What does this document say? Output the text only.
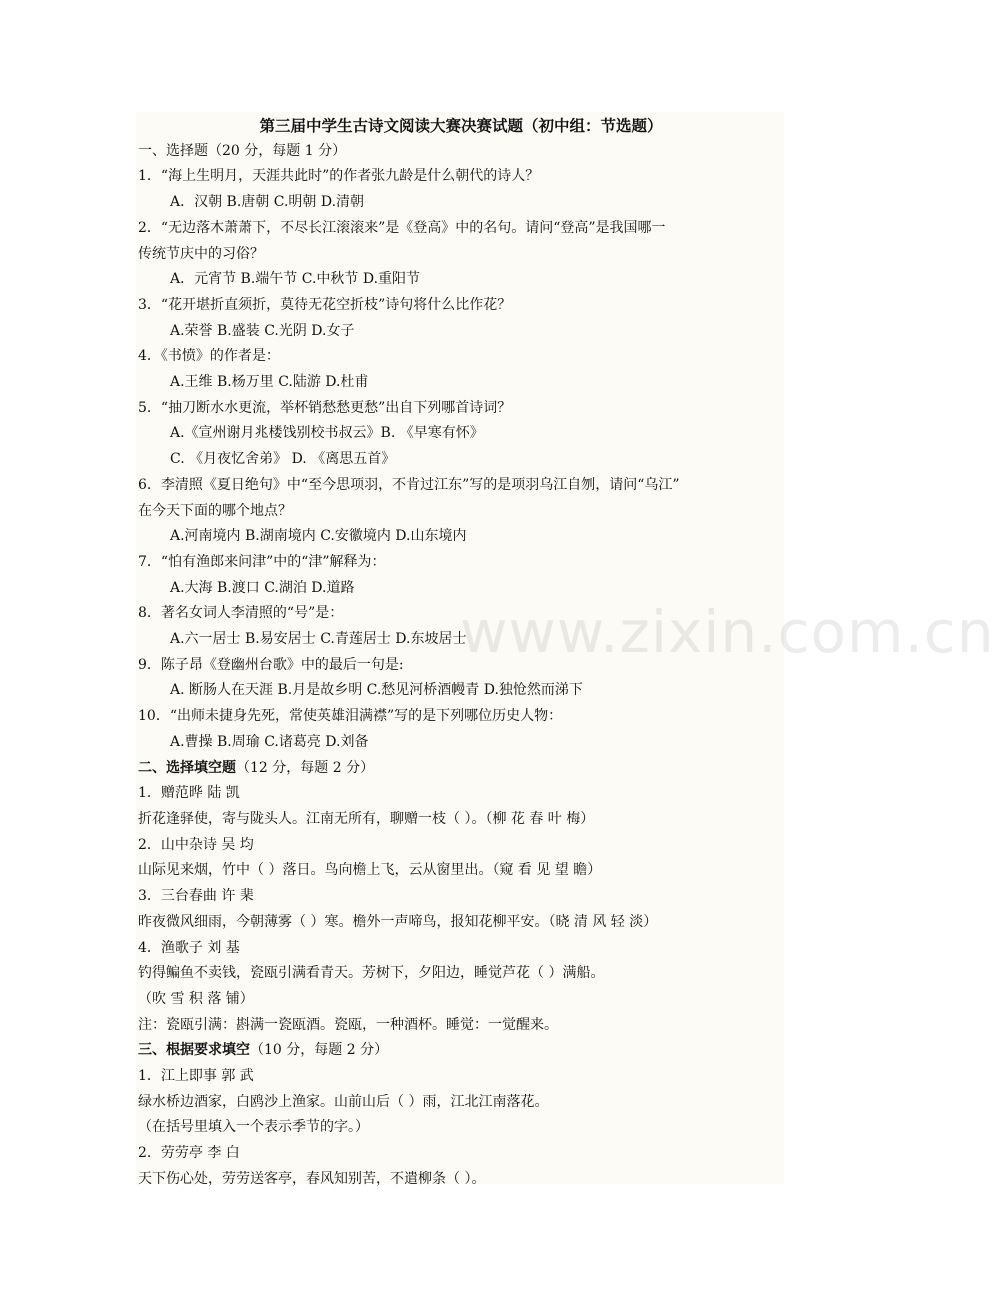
第三届中学生古诗文阅读大赛决赛试题（初中组：节选题）
一、选择题（20 分，每题 1 分）
1．“海上生明月，天涯共此时”的作者张九龄是什么朝代的诗人？
A．汉朝 B.唐朝 C.明朝 D.清朝
2．“无边落木萧萧下，不尽长江滚滚来”是《登高》中的名句。请问“登高”是我国哪一
传统节庆中的习俗？
A．元宵节 B.端午节 C.中秋节 D.重阳节
3．“花开堪折直须折，莫待无花空折枝”诗句将什么比作花？
A.荣誉 B.盛装 C.光阴 D.女子
4．《书愤》的作者是：
A.王维 B.杨万里 C.陆游 D.杜甫
5．“抽刀断水水更流，举杯销愁愁更愁”出自下列哪首诗词？
A.《宣州谢月兆楼饯别校书叔云》B. 《早寒有怀》
C. 《月夜忆舍弟》 D. 《离思五首》
6．李清照《夏日绝句》中“至今思项羽，不肯过江东”写的是项羽乌江自刎，请问“乌江”
在今天下面的哪个地点？
A.河南境内 B.湖南境内 C.安徽境内 D.山东境内
7．“怕有渔郎来问津”中的“津”解释为：
A.大海 B.渡口 C.湖泊 D.道路
8．著名女词人李清照的“号”是：
A.六一居士 B.易安居士 C.青莲居士 D.东坡居士
9．陈子昂《登幽州台歌》中的最后一句是:
A. 断肠人在天涯 B.月是故乡明 C.愁见河桥酒幔青 D.独怆然而涕下
10．“出师未捷身先死，常使英雄泪满襟”写的是下列哪位历史人物：
A.曹操 B.周瑜 C.诸葛亮 D.刘备
二、选择填空题（12 分，每题 2 分）
1．赠范晔 陆 凯
折花逢驿使，寄与陇头人。江南无所有，聊赠一枝（ ）。（柳 花 春 叶 梅）
2．山中杂诗 吴 均
山际见来烟，竹中（ ）落日。鸟向檐上飞，云从窗里出。（窥 看 见 望 瞻）
3．三台春曲 许 棐
昨夜微风细雨，今朝薄雾（ ）寒。檐外一声啼鸟，报知花柳平安。（晓 清 风 轻 淡）
4．渔歌子 刘 基
钓得鳊鱼不卖钱，瓷瓯引满看青天。芳树下，夕阳边，睡觉芦花（ ）满船。
（吹 雪 积 落 铺）
注：瓷瓯引满：斟满一瓷瓯酒。瓷瓯，一种酒杯。睡觉：一觉醒来。
三、根据要求填空（10 分，每题 2 分）
1．江上即事 郭 武
绿水桥边酒家，白鸥沙上渔家。山前山后（ ）雨，江北江南落花。
（在括号里填入一个表示季节的字。）
2．劳劳亭 李 白
天下伤心处，劳劳送客亭，春风知别苦，不遣柳条（ ）。
www.zixin.com.cn
